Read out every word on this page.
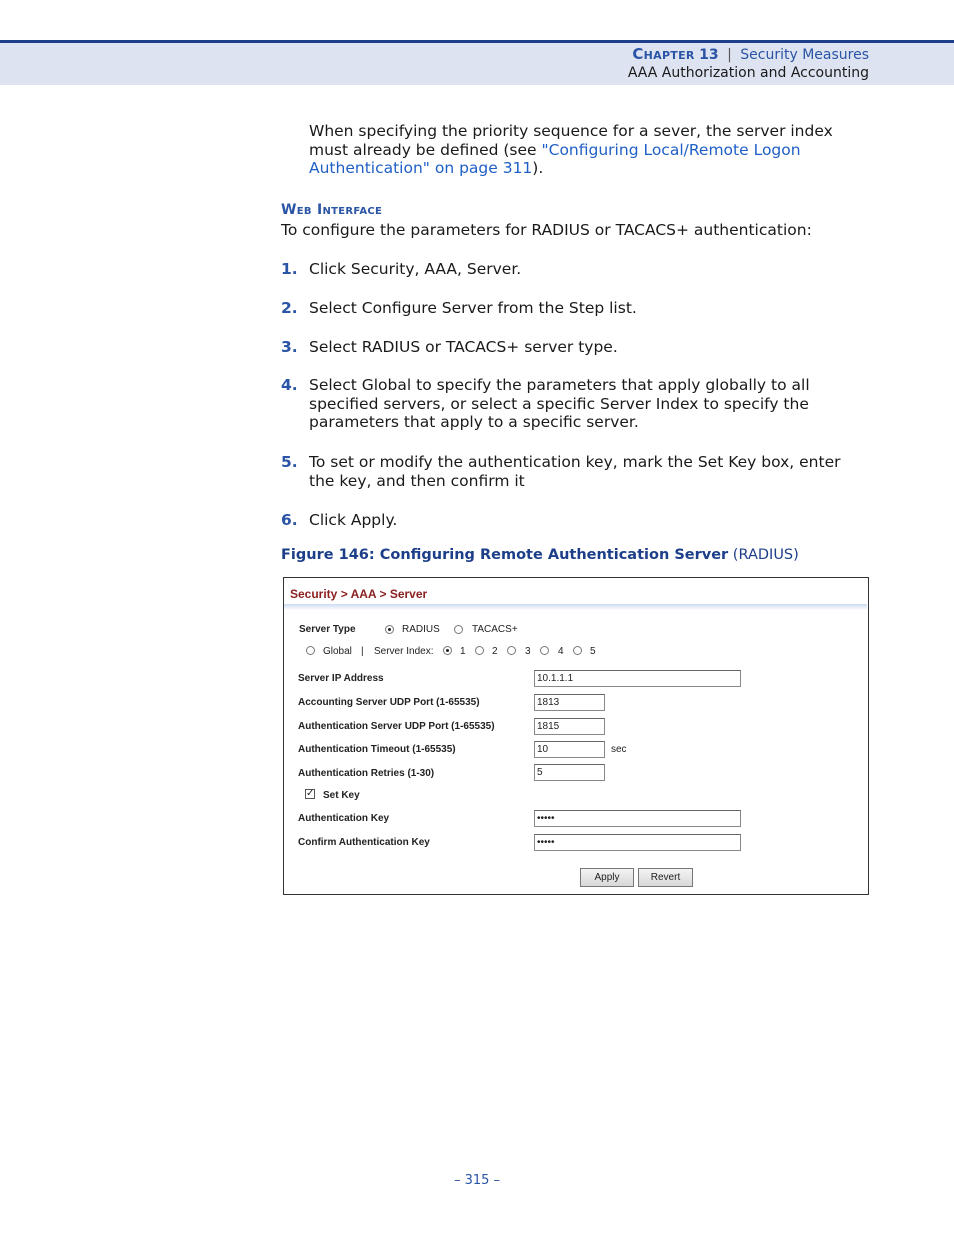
Chapter 13 | Security Measures
AAA Authorization and Accounting
When specifying the priority sequence for a sever, the server index must already be defined (see "Configuring Local/Remote Logon Authentication" on page 311).
Web Interface
To configure the parameters for RADIUS or TACACS+ authentication:
1. Click Security, AAA, Server.
2. Select Configure Server from the Step list.
3. Select RADIUS or TACACS+ server type.
4. Select Global to specify the parameters that apply globally to all specified servers, or select a specific Server Index to specify the parameters that apply to a specific server.
5. To set or modify the authentication key, mark the Set Key box, enter the key, and then confirm it
6. Click Apply.
Figure 146: Configuring Remote Authentication Server (RADIUS)
Security > AAA > Server
Server Type	RADIUS	TACACS+
Global | Server Index:	1	2	3	4	5
Server IP Address	10.1.1.1
Accounting Server UDP Port (1-65535)	1813
Authentication Server UDP Port (1-65535)	1815
Authentication Timeout (1-65535)	10	sec
Authentication Retries (1-30)	5
✓ Set Key
Authentication Key	•••••
Confirm Authentication Key	•••••
Apply	Revert
– 315 –
